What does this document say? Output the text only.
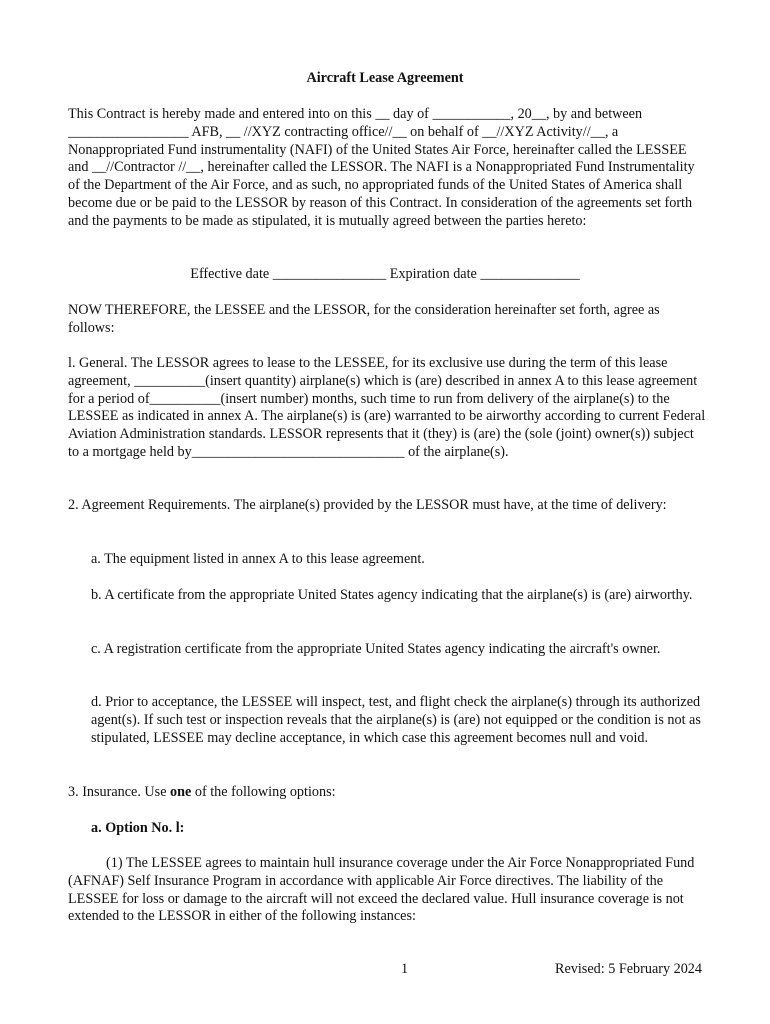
Aircraft Lease Agreement

This Contract is hereby made and entered into on this __ day of ___________, 20__, by and between _________________ AFB, __ //XYZ contracting office//__ on behalf of __//XYZ Activity//__, a Nonappropriated Fund instrumentality (NAFI) of the United States Air Force, hereinafter called the LESSEE and __//Contractor //__, hereinafter called the LESSOR. The NAFI is a Nonappropriated Fund Instrumentality of the Department of the Air Force, and as such, no appropriated funds of the United States of America shall become due or be paid to the LESSOR by reason of this Contract. In consideration of the agreements set forth and the payments to be made as stipulated, it is mutually agreed between the parties hereto:

Effective date ________________ Expiration date ______________

NOW THEREFORE, the LESSEE and the LESSOR, for the consideration hereinafter set forth, agree as follows:

l. General. The LESSOR agrees to lease to the LESSEE, for its exclusive use during the term of this lease agreement, __________(insert quantity) airplane(s) which is (are) described in annex A to this lease agreement for a period of__________(insert number) months, such time to run from delivery of the airplane(s) to the LESSEE as indicated in annex A. The airplane(s) is (are) warranted to be airworthy according to current Federal Aviation Administration standards. LESSOR represents that it (they) is (are) the (sole (joint) owner(s)) subject to a mortgage held by______________________________ of the airplane(s).

2. Agreement Requirements. The airplane(s) provided by the LESSOR must have, at the time of delivery:

a. The equipment listed in annex A to this lease agreement.

b. A certificate from the appropriate United States agency indicating that the airplane(s) is (are) airworthy.

c. A registration certificate from the appropriate United States agency indicating the aircraft's owner.

d. Prior to acceptance, the LESSEE will inspect, test, and flight check the airplane(s) through its authorized agent(s). If such test or inspection reveals that the airplane(s) is (are) not equipped or the condition is not as stipulated, LESSEE may decline acceptance, in which case this agreement becomes null and void.

3. Insurance. Use one of the following options:

a. Option No. l:

(1) The LESSEE agrees to maintain hull insurance coverage under the Air Force Nonappropriated Fund (AFNAF) Self Insurance Program in accordance with applicable Air Force directives. The liability of the LESSEE for loss or damage to the aircraft will not exceed the declared value. Hull insurance coverage is not extended to the LESSOR in either of the following instances:

1	Revised: 5 February 2024
